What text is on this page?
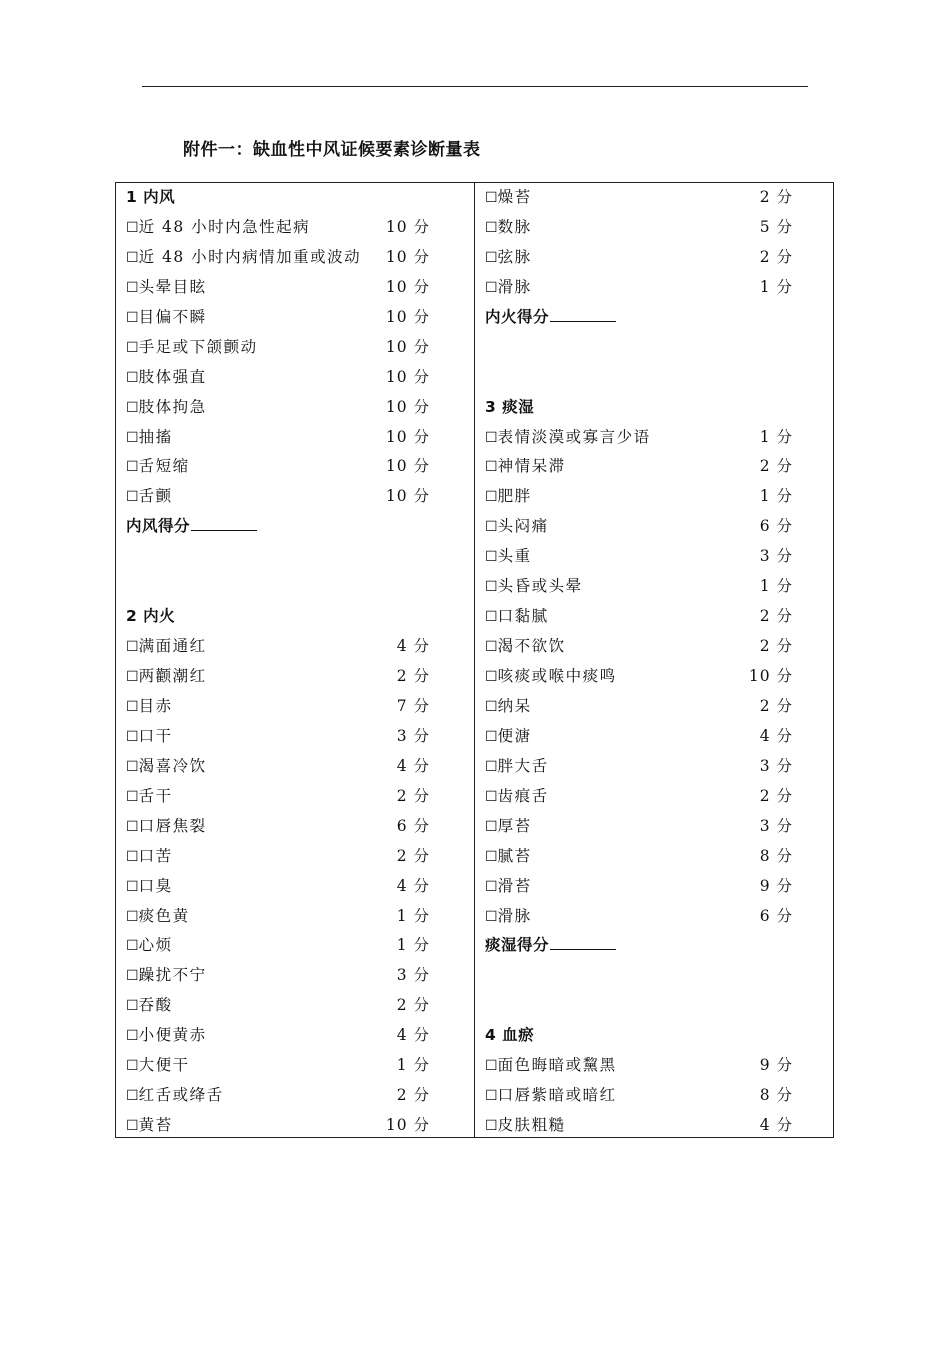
附件一：缺血性中风证候要素诊断量表
1 内风
☐近 48 小时内急性起病	10 分
☐近 48 小时内病情加重或波动 10 分
☐头晕目眩	10 分
☐目偏不瞬	10 分
☐手足或下颌颤动	10 分
☐肢体强直	10 分
☐肢体拘急	10 分
☐抽搐	10 分
☐舌短缩	10 分
☐舌颤	10 分
内风得分
2 内火
☐满面通红	4 分
☐两颧潮红	2 分
☐目赤	7 分
☐口干	3 分
☐渴喜冷饮	4 分
☐舌干	2 分
☐口唇焦裂	6 分
☐口苦	2 分
☐口臭	4 分
☐痰色黄	1 分
☐心烦	1 分
☐躁扰不宁	3 分
☐吞酸	2 分
☐小便黄赤	4 分
☐大便干	1 分
☐红舌或绛舌	2 分
☐黄苔	10 分
☐燥苔	2 分
☐数脉	5 分
☐弦脉	2 分
☐滑脉	1 分
内火得分
3 痰湿
☐表情淡漠或寡言少语	1 分
☐神情呆滞	2 分
☐肥胖	1 分
☐头闷痛	6 分
☐头重	3 分
☐头昏或头晕	1 分
☐口黏腻	2 分
☐渴不欲饮	2 分
☐咳痰或喉中痰鸣	10 分
☐纳呆	2 分
☐便溏	4 分
☐胖大舌	3 分
☐齿痕舌	2 分
☐厚苔	3 分
☐腻苔	8 分
☐滑苔	9 分
☐滑脉	6 分
痰湿得分
4 血瘀
☐面色晦暗或黧黑	9 分
☐口唇紫暗或暗红	8 分
☐皮肤粗糙	4 分
